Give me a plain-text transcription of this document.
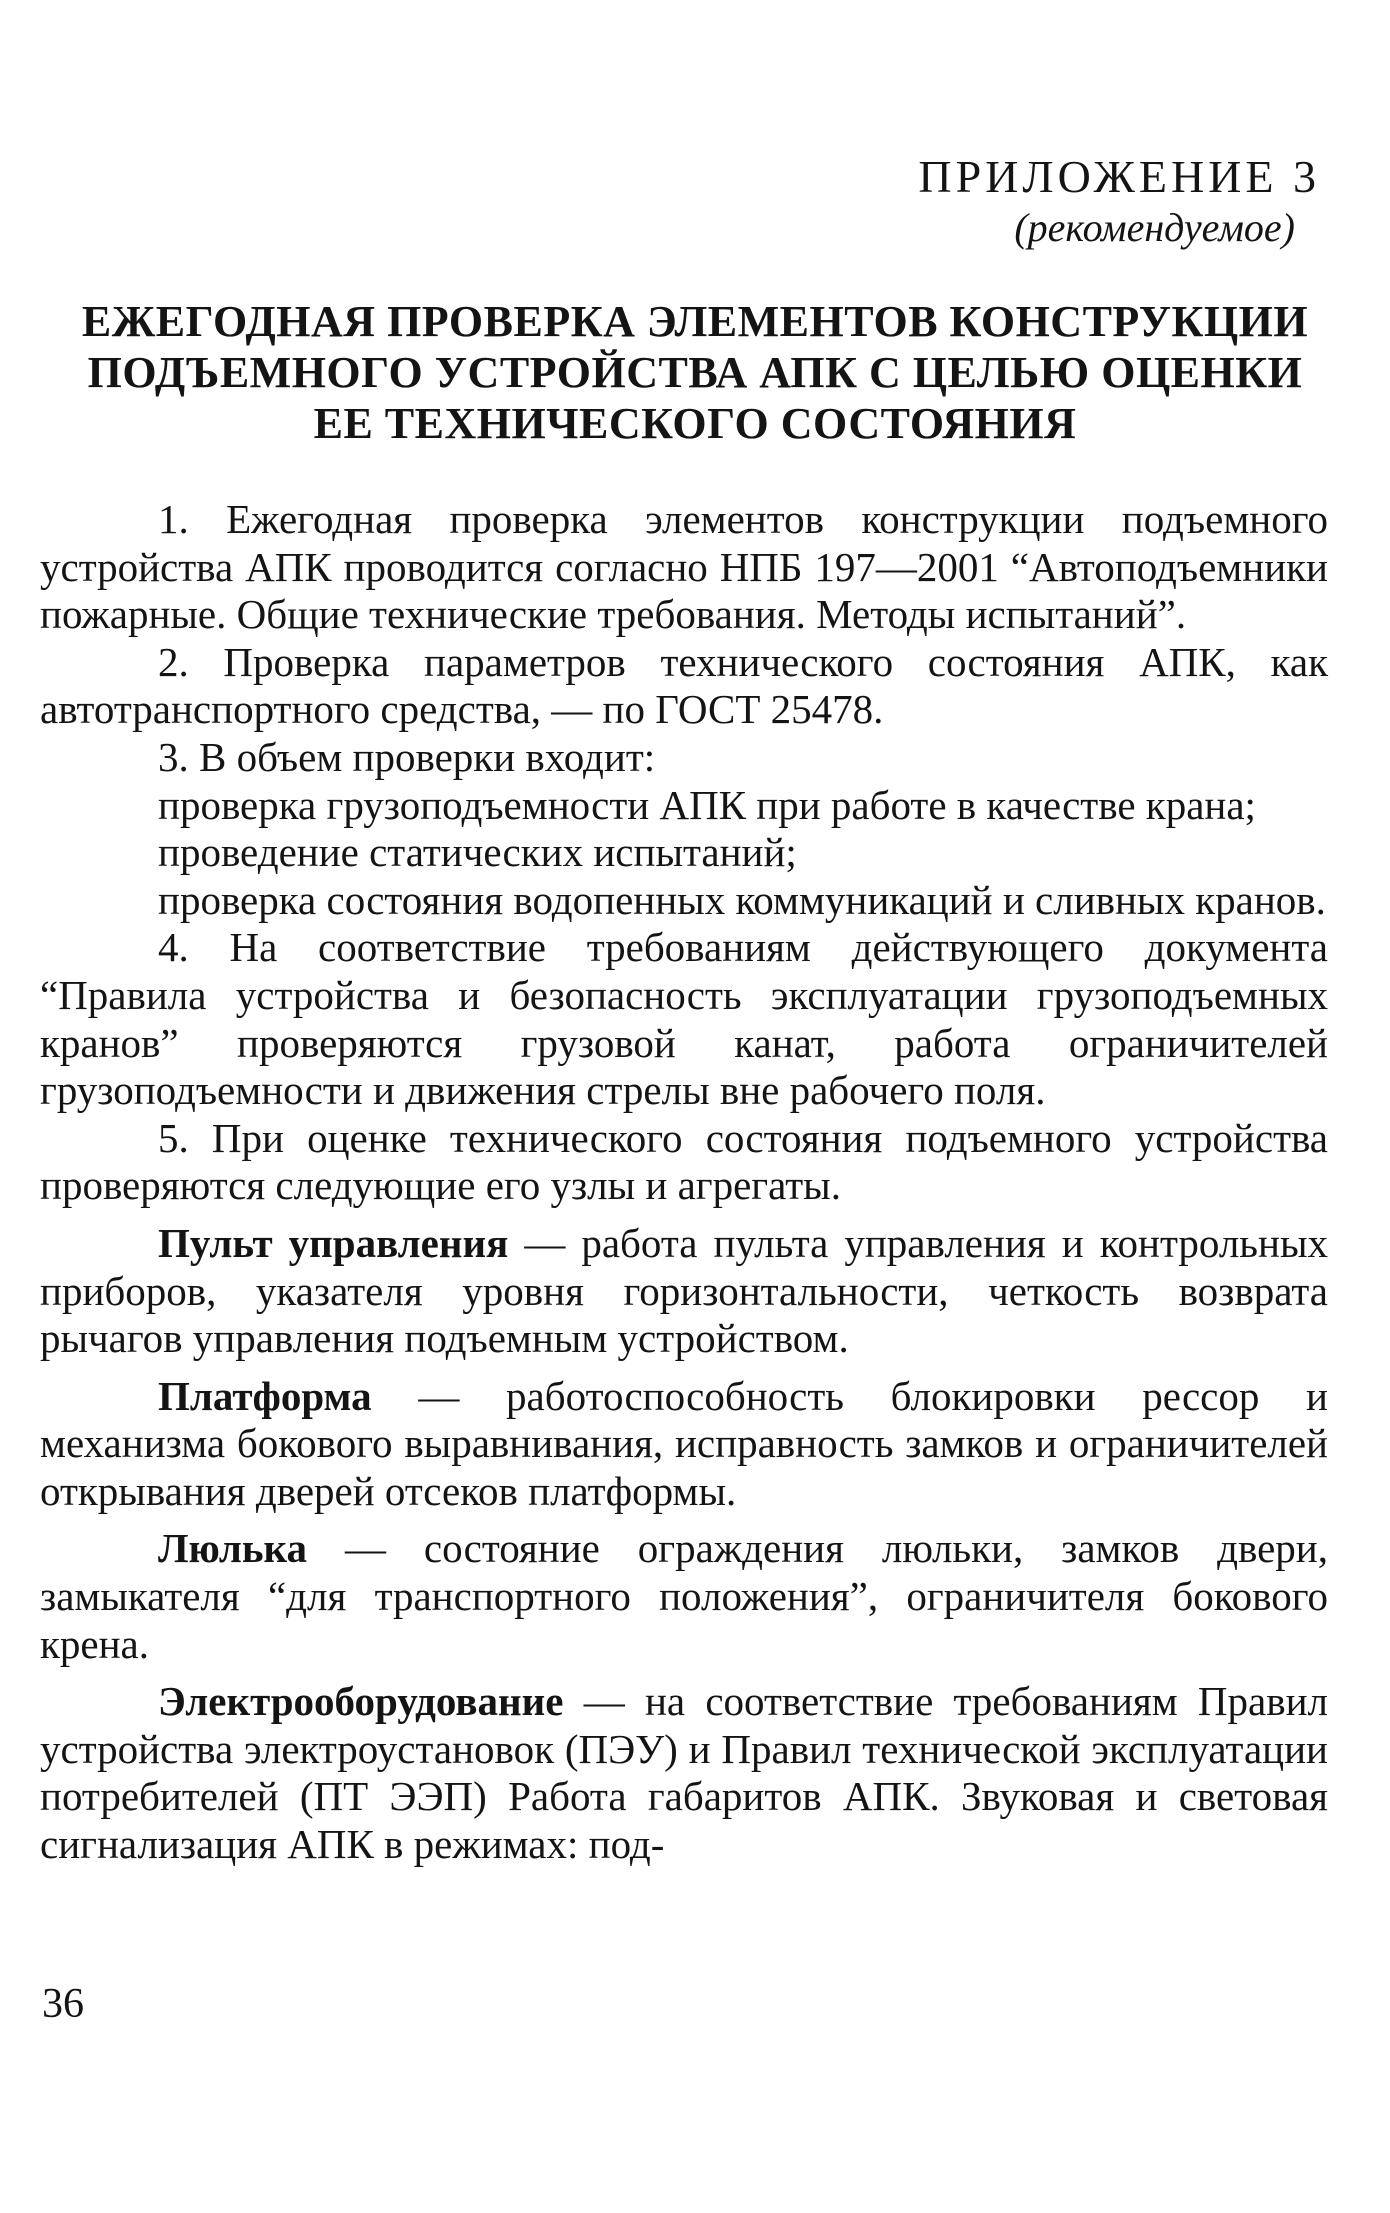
ПРИЛОЖЕНИЕ 3
(рекомендуемое)
ЕЖЕГОДНАЯ ПРОВЕРКА ЭЛЕМЕНТОВ КОНСТРУКЦИИ
ПОДЪЕМНОГО УСТРОЙСТВА АПК С ЦЕЛЬЮ ОЦЕНКИ
ЕЕ ТЕХНИЧЕСКОГО СОСТОЯНИЯ

1. Ежегодная проверка элементов конструкции подъемного устройства АПК проводится согласно НПБ 197—2001 “Автоподъемники пожарные. Общие технические требования. Методы испытаний”.

2. Проверка параметров технического состояния АПК, как автотранспортного средства, — по ГОСТ 25478.

3. В объем проверки входит:

проверка грузоподъемности АПК при работе в качестве крана;

проведение статических испытаний;

проверка состояния водопенных коммуникаций и сливных кранов.

4. На соответствие требованиям действующего документа “Правила устройства и безопасность эксплуатации грузоподъемных кранов” проверяются грузовой канат, работа ограничителей грузоподъемности и движения стрелы вне рабочего поля.

5. При оценке технического состояния подъемного устройства проверяются следующие его узлы и агрегаты.

Пульт управления — работа пульта управления и контрольных приборов, указателя уровня горизонтальности, четкость возврата рычагов управления подъемным устройством.

Платформа — работоспособность блокировки рессор и механизма бокового выравнивания, исправность замков и ограничителей открывания дверей отсеков платформы.

Люлька — состояние ограждения люльки, замков двери, замыкателя “для транспортного положения”, ограничителя бокового крена.

Электрооборудование — на соответствие требованиям Правил устройства электроустановок (ПЭУ) и Правил технической эксплуатации потребителей (ПТ ЭЭП) Работа габаритов АПК. Звуковая и световая сигнализация АПК в режимах: под-

36
